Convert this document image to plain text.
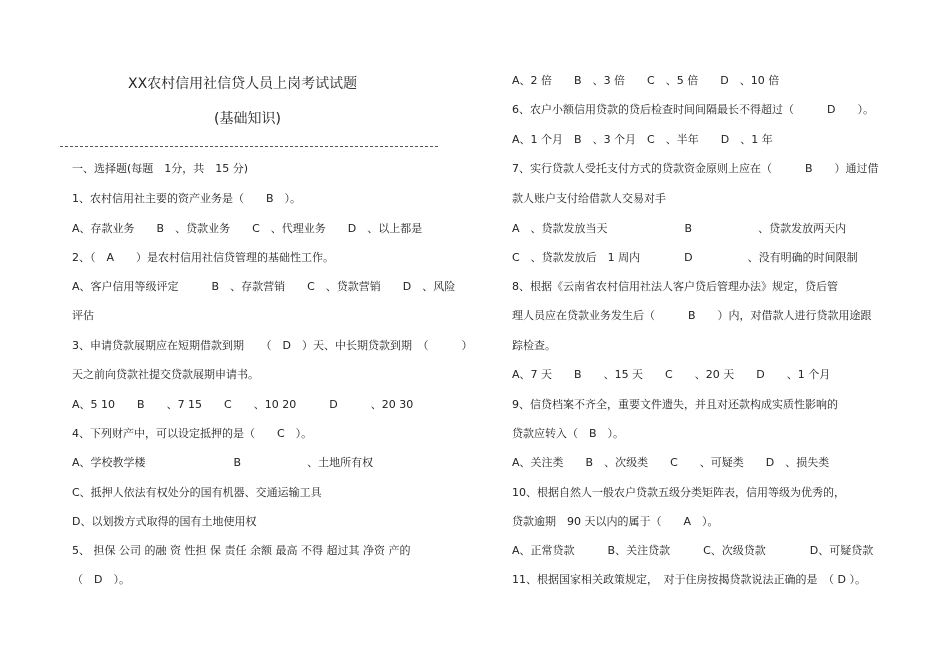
XX农村信用社信贷人员上岗考试试题
(基础知识)
一、选择题(每题　1分，共　15 分)
1、农村信用社主要的资产业务是（　　B　）。
A、存款业务　　B　、贷款业务　　C　、代理业务　　D　、以上都是
2、（　A　　）是农村信用社信贷管理的基础性工作。
A、客户信用等级评定　　　B　、存款营销　　C　、贷款营销　　D　、风险
评估
3、申请贷款展期应在短期借款到期　　（　D　）天、中长期贷款到期　（　　　）
天之前向贷款社提交贷款展期申请书。
A、5 10　　B　　、7 15　　C　　、10 20　　　D　　　、20 30
4、下列财产中，可以设定抵押的是（　　C　）。
A、学校教学楼　　　　　　　　B　　　　　　、土地所有权
C、抵押人依法有权处分的国有机器、交通运输工具
D、以划拨方式取得的国有土地使用权
5、 担保 公司 的融 资 性担 保 责任 余额 最高 不得 超过其 净资 产的
（　D　）。
A、2 倍　　B　、3 倍　　C　、5 倍　　D　、10 倍
6、农户小额信用贷款的贷后检查时间间隔最长不得超过（　　　D　　）。
A、1 个月　B　、3 个月　C　、半年　　D　、1 年
7、实行贷款人受托支付方式的贷款资金原则上应在（　　　B　　）通过借
款人账户支付给借款人交易对手
A　、贷款发放当天　　　　　　　B　　　　　　、贷款发放两天内
C　、贷款发放后　1 周内　　　　D　　　　　、没有明确的时间限制
8、根据《云南省农村信用社法人客户贷后管理办法》规定，贷后管
理人员应在贷款业务发生后（　　　B　　）内，对借款人进行贷款用途跟
踪检查。
A、7 天　　B　　、15 天　　C　　、20 天　　D　　、1 个月
9、信贷档案不齐全，重要文件遗失，并且对还款构成实质性影响的
贷款应转入（　B　）。
A、关注类　　B　、次级类　　C　　、可疑类　　D　、损失类
10、根据自然人一般农户贷款五级分类矩阵表，信用等级为优秀的，
贷款逾期　90 天以内的属于（　　A　）。
A、正常贷款　　　B、关注贷款　　　C、次级贷款　　　　D、可疑贷款
11、根据国家相关政策规定，　对于住房按揭贷款说法正确的是　（ D ）。
